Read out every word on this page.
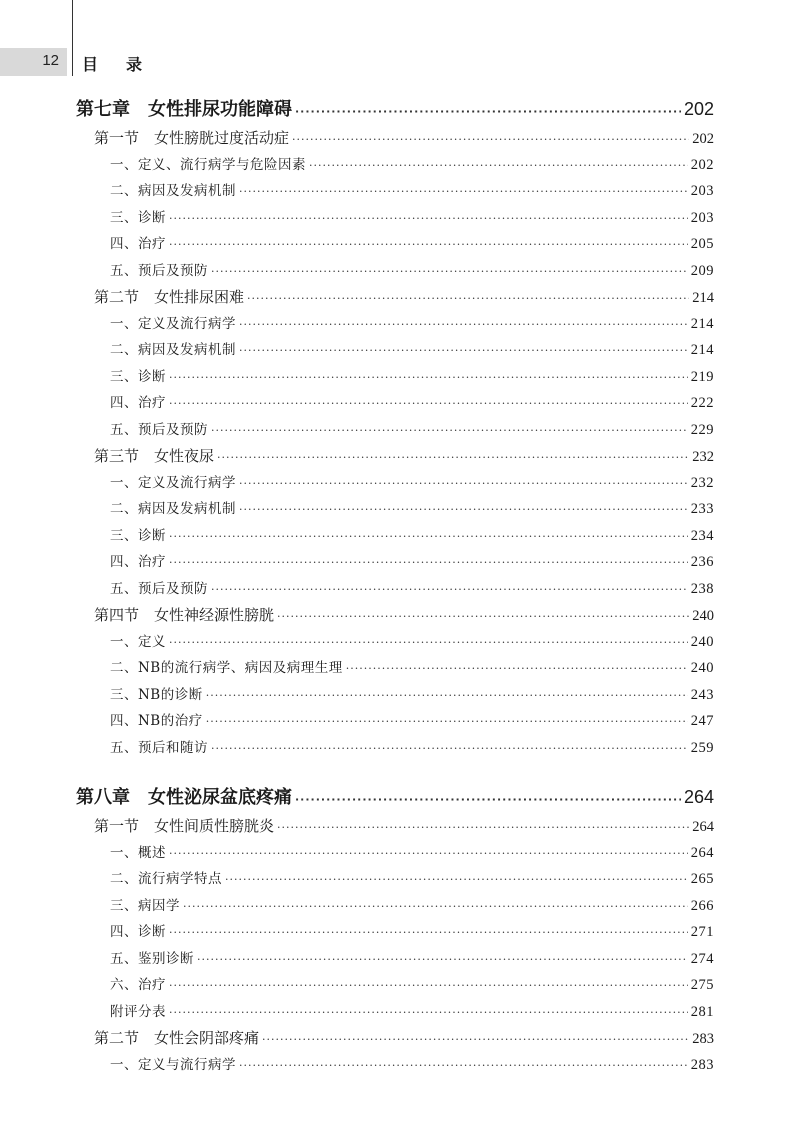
12 目录
第七章　女性排尿功能障碍 ·····	202
第一节　女性膀胱过度活动症 ·····	202
一、定义、流行病学与危险因素 ·····	202
二、病因及发病机制 ·····	203
三、诊断 ·····	203
四、治疗 ·····	205
五、预后及预防 ·····	209
第二节　女性排尿困难 ·····	214
一、定义及流行病学 ·····	214
二、病因及发病机制 ·····	214
三、诊断 ·····	219
四、治疗 ·····	222
五、预后及预防 ·····	229
第三节　女性夜尿 ·····	232
一、定义及流行病学 ·····	232
二、病因及发病机制 ·····	233
三、诊断 ·····	234
四、治疗 ·····	236
五、预后及预防 ·····	238
第四节　女性神经源性膀胱 ·····	240
一、定义 ·····	240
二、NB的流行病学、病因及病理生理 ·····	240
三、NB的诊断 ·····	243
四、NB的治疗 ·····	247
五、预后和随访 ·····	259
第八章　女性泌尿盆底疼痛 ·····	264
第一节　女性间质性膀胱炎 ·····	264
一、概述 ·····	264
二、流行病学特点 ·····	265
三、病因学 ·····	266
四、诊断 ·····	271
五、鉴别诊断 ·····	274
六、治疗 ·····	275
附评分表 ·····	281
第二节　女性会阴部疼痛 ·····	283
一、定义与流行病学 ·····	283
